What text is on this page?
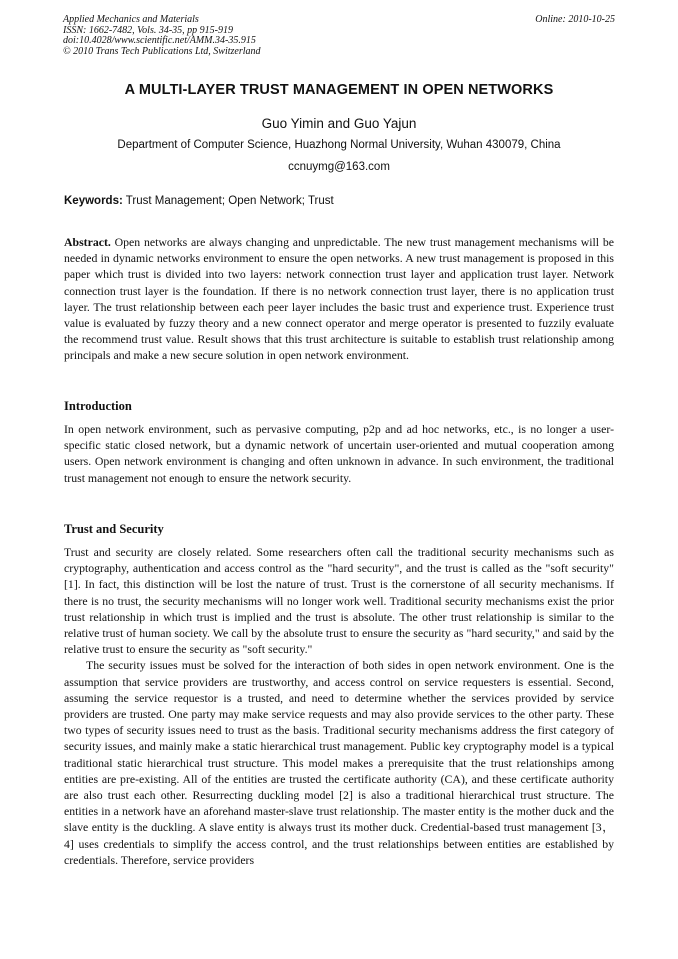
Applied Mechanics and Materials
ISSN: 1662-7482, Vols. 34-35, pp 915-919
doi:10.4028/www.scientific.net/AMM.34-35.915
© 2010 Trans Tech Publications Ltd, Switzerland
Online: 2010-10-25
A MULTI-LAYER TRUST MANAGEMENT IN OPEN NETWORKS
Guo Yimin and Guo Yajun
Department of Computer Science, Huazhong Normal University, Wuhan 430079, China
ccnuymg@163.com
Keywords: Trust Management; Open Network; Trust

Abstract. Open networks are always changing and unpredictable. The new trust management mechanisms will be needed in dynamic networks environment to ensure the open networks. A new trust management is proposed in this paper which trust is divided into two layers: network connection trust layer and application trust layer. Network connection trust layer is the foundation. If there is no network connection trust layer, there is no application trust layer. The trust relationship between each peer layer includes the basic trust and experience trust. Experience trust value is evaluated by fuzzy theory and a new connect operator and merge operator is presented to fuzzily evaluate the recommend trust value. Result shows that this trust architecture is suitable to establish trust relationship among principals and make a new secure solution in open network environment.

Introduction

In open network environment, such as pervasive computing, p2p and ad hoc networks, etc., is no longer a user-specific static closed network, but a dynamic network of uncertain user-oriented and mutual cooperation among users. Open network environment is changing and often unknown in advance. In such environment, the traditional trust management not enough to ensure the network security.

Trust and Security

Trust and security are closely related. Some researchers often call the traditional security mechanisms such as cryptography, authentication and access control as the "hard security", and the trust is called as the "soft security" [1]. In fact, this distinction will be lost the nature of trust. Trust is the cornerstone of all security mechanisms. If there is no trust, the security mechanisms will no longer work well. Traditional security mechanisms exist the prior trust relationship in which trust is implied and the trust is absolute. The other trust relationship is similar to the relative trust of human society. We call by the absolute trust to ensure the security as "hard security," and said by the relative trust to ensure the security as "soft security."

The security issues must be solved for the interaction of both sides in open network environment. One is the assumption that service providers are trustworthy, and access control on service requesters is essential. Second, assuming the service requestor is a trusted, and need to determine whether the services provided by service providers are trusted. One party may make service requests and may also provide services to the other party. These two types of security issues need to trust as the basis. Traditional security mechanisms address the first category of security issues, and mainly make a static hierarchical trust management. Public key cryptography model is a typical traditional static hierarchical trust structure. This model makes a prerequisite that the trust relationships among entities are pre-existing. All of the entities are trusted the certificate authority (CA), and these certificate authority are also trust each other. Resurrecting duckling model [2] is also a traditional hierarchical trust structure. The entities in a network have an aforehand master-slave trust relationship. The master entity is the mother duck and the slave entity is the duckling. A slave entity is always trust its mother duck. Credential-based trust management [3，4] uses credentials to simplify the access control, and the trust relationships between entities are established by credentials. Therefore, service providers
